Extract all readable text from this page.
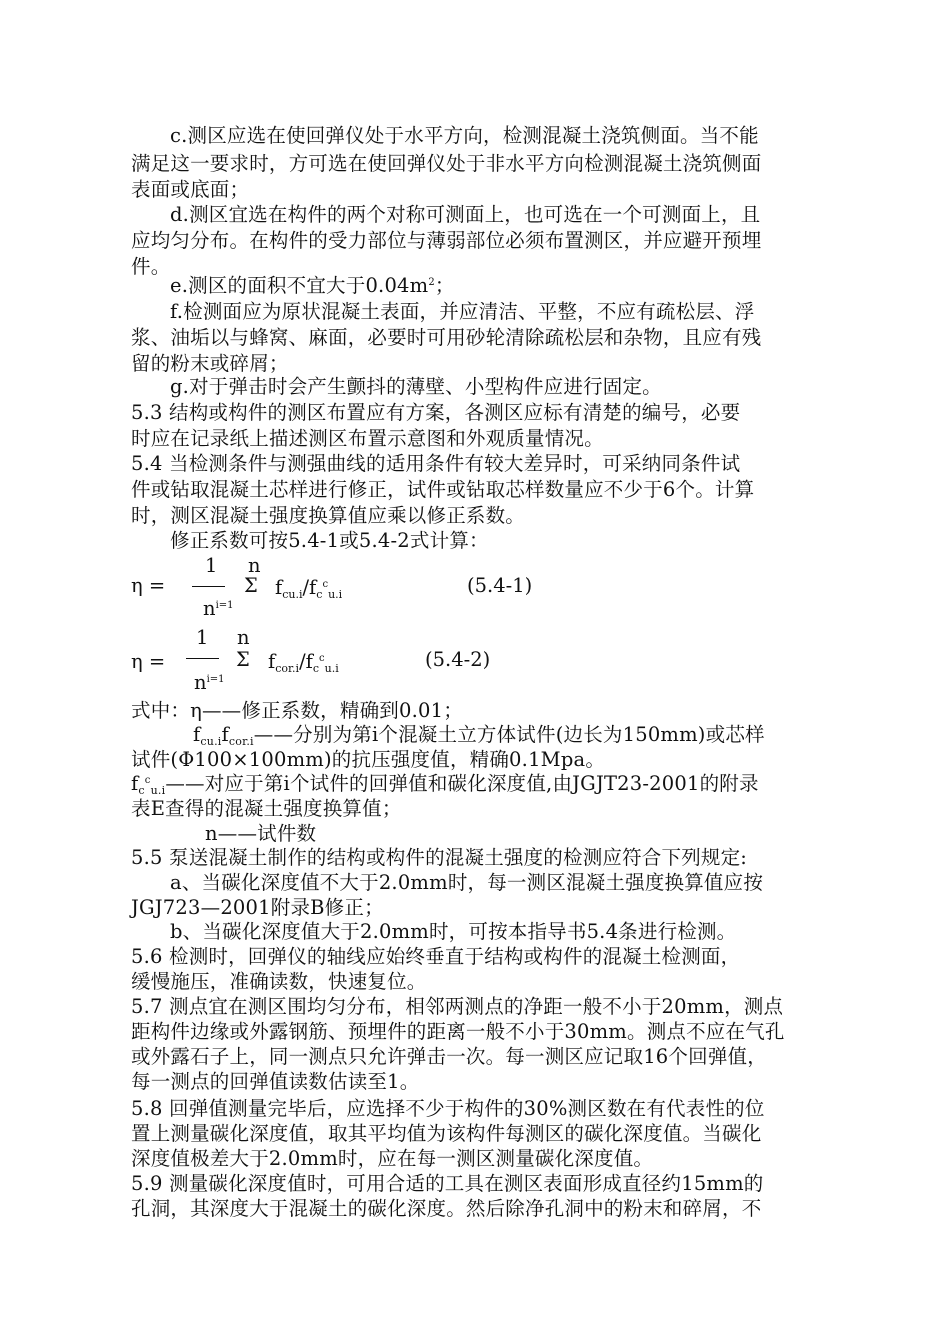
c.测区应选在使回弹仪处于水平方向，检测混凝土浇筑侧面。当不能
满足这一要求时，方可选在使回弹仪处于非水平方向检测混凝土浇筑侧面
表面或底面；
d.测区宜选在构件的两个对称可测面上，也可选在一个可测面上，且
应均匀分布。在构件的受力部位与薄弱部位必须布置测区，并应避开预埋
件。
e.测区的面积不宜大于$0.04m^2$；
f.检测面应为原状混凝土表面，并应清洁、平整，不应有疏松层、浮
浆、油垢以与蜂窝、麻面，必要时可用砂轮清除疏松层和杂物，且应有残
留的粉末或碎屑；
g.对于弹击时会产生颤抖的薄壁、小型构件应进行固定。
5.3 结构或构件的测区布置应有方案，各测区应标有清楚的编号，必要
时应在记录纸上描述测区布置示意图和外观质量情况。
5.4 当检测条件与测强曲线的适用条件有较大差异时，可采纳同条件试
件或钻取混凝土芯样进行修正，试件或钻取芯样数量应不少于6个。计算
时，测区混凝土强度换算值应乘以修正系数。
修正系数可按5.4-1或5.4-2式计算：
1 n
η =	Σ $f_{cu.i}/f_c^c_{u.i}$	(5.4-1)
$n^{i=1}$
1 n
η =	Σ $f_{cor.i}/f_c^c_{u.i}$	(5.4-2)
$n^{i=1}$
式中：η——修正系数，精确到0.01；
$f_{cu.i}f_{cor.i}——$分别为第i个混凝土立方体试件(边长为150mm)或芯样
试件(Φ100×100mm)的抗压强度值，精确0.1Mpa。
$f_c^c_{u.i}——$对应于第i个试件的回弹值和碳化深度值,由JGJT23-2001的附录
表E查得的混凝土强度换算值；
n——试件数
5.5 泵送混凝土制作的结构或构件的混凝土强度的检测应符合下列规定:
a、当碳化深度值不大于2.0mm时，每一测区混凝土强度换算值应按
JGJ723—2001附录B修正；
b、当碳化深度值大于2.0mm时，可按本指导书5.4条进行检测。
5.6 检测时，回弹仪的轴线应始终垂直于结构或构件的混凝土检测面，
缓慢施压，准确读数，快速复位。
5.7 测点宜在测区围均匀分布，相邻两测点的净距一般不小于20mm，测点
距构件边缘或外露钢筋、预埋件的距离一般不小于30mm。测点不应在气孔
或外露石子上，同一测点只允许弹击一次。每一测区应记取16个回弹值，
每一测点的回弹值读数估读至1。
5.8 回弹值测量完毕后，应选择不少于构件的30%测区数在有代表性的位
置上测量碳化深度值，取其平均值为该构件每测区的碳化深度值。当碳化
深度值极差大于2.0mm时，应在每一测区测量碳化深度值。
5.9 测量碳化深度值时，可用合适的工具在测区表面形成直径约15mm的
孔洞，其深度大于混凝土的碳化深度。然后除净孔洞中的粉末和碎屑，不
